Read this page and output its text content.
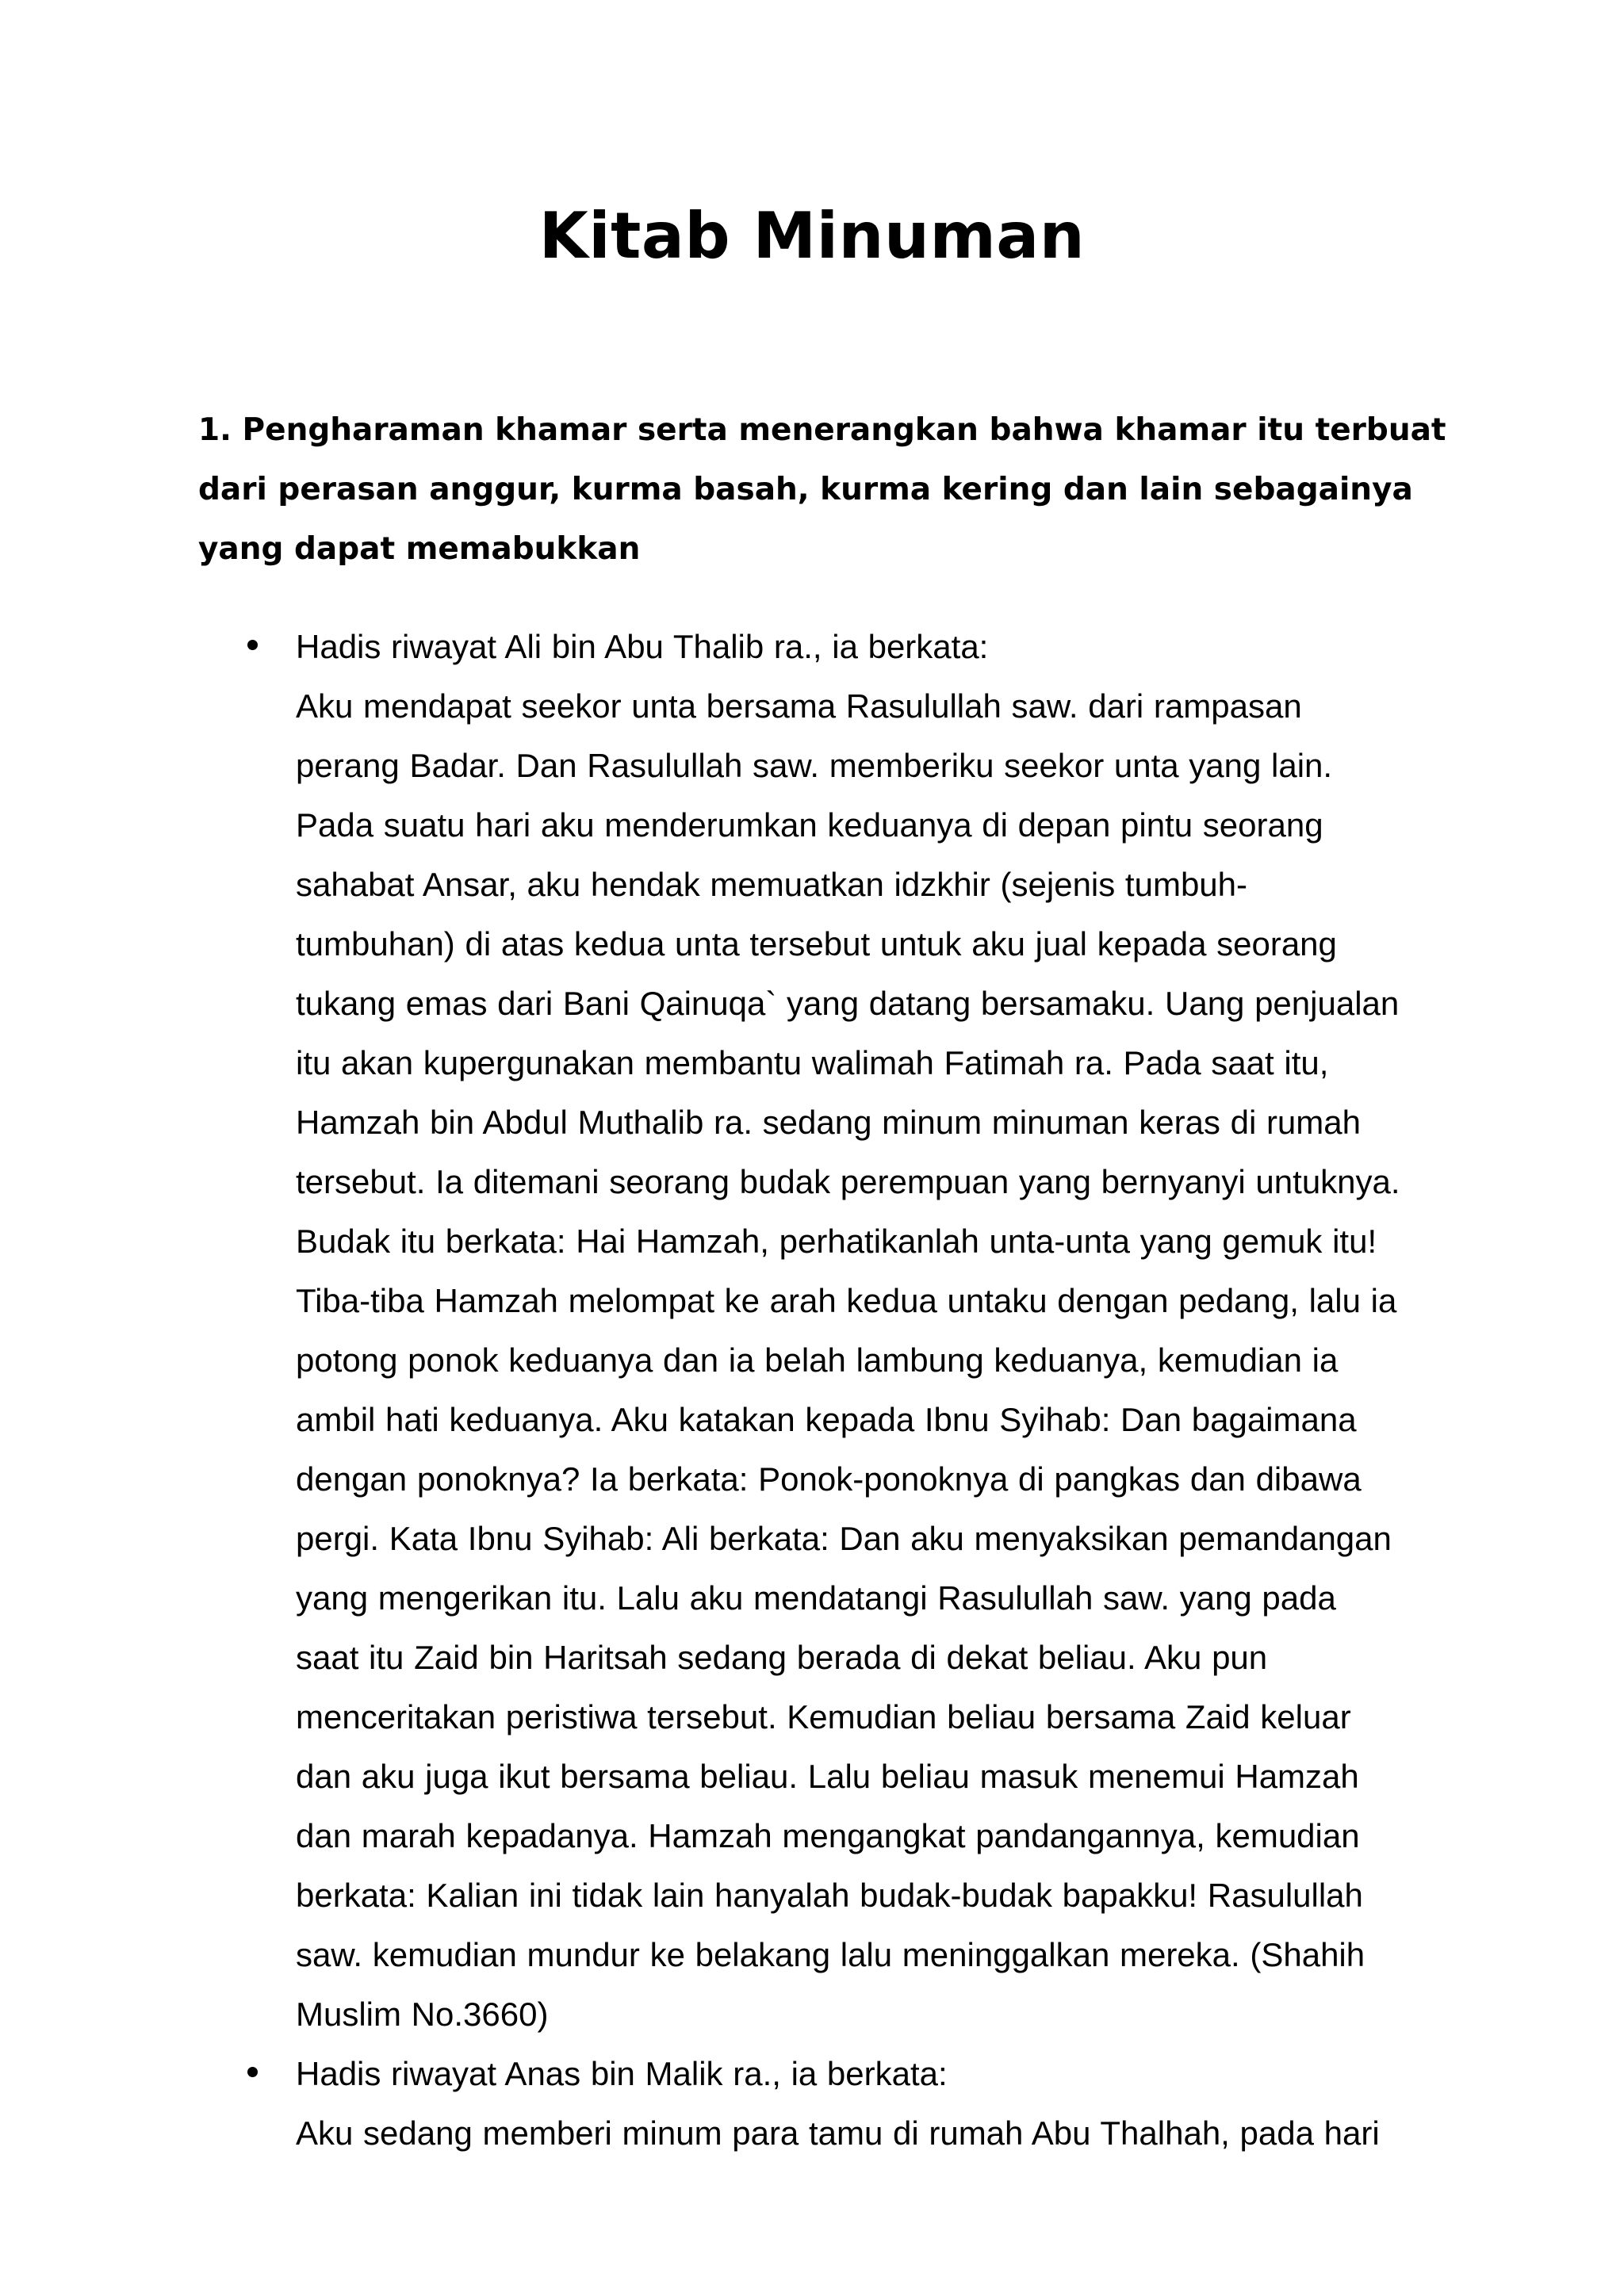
Kitab Minuman
1. Pengharaman khamar serta menerangkan bahwa khamar itu terbuat dari perasan anggur, kurma basah, kurma kering dan lain sebagainya yang dapat memabukkan
Hadis riwayat Ali bin Abu Thalib ra., ia berkata:
Aku mendapat seekor unta bersama Rasulullah saw. dari rampasan perang Badar. Dan Rasulullah saw. memberiku seekor unta yang lain. Pada suatu hari aku menderumkan keduanya di depan pintu seorang sahabat Ansar, aku hendak memuatkan idzkhir (sejenis tumbuh-tumbuhan) di atas kedua unta tersebut untuk aku jual kepada seorang tukang emas dari Bani Qainuqa` yang datang bersamaku. Uang penjualan itu akan kupergunakan membantu walimah Fatimah ra. Pada saat itu, Hamzah bin Abdul Muthalib ra. sedang minum minuman keras di rumah tersebut. Ia ditemani seorang budak perempuan yang bernyanyi untuknya. Budak itu berkata: Hai Hamzah, perhatikanlah unta-unta yang gemuk itu! Tiba-tiba Hamzah melompat ke arah kedua untaku dengan pedang, lalu ia potong ponok keduanya dan ia belah lambung keduanya, kemudian ia ambil hati keduanya. Aku katakan kepada Ibnu Syihab: Dan bagaimana dengan ponoknya? Ia berkata: Ponok-ponoknya di pangkas dan dibawa pergi. Kata Ibnu Syihab: Ali berkata: Dan aku menyaksikan pemandangan yang mengerikan itu. Lalu aku mendatangi Rasulullah saw. yang pada saat itu Zaid bin Haritsah sedang berada di dekat beliau. Aku pun menceritakan peristiwa tersebut. Kemudian beliau bersama Zaid keluar dan aku juga ikut bersama beliau. Lalu beliau masuk menemui Hamzah dan marah kepadanya. Hamzah mengangkat pandangannya, kemudian berkata: Kalian ini tidak lain hanyalah budak-budak bapakku! Rasulullah saw. kemudian mundur ke belakang lalu meninggalkan mereka. (Shahih Muslim No.3660)
Hadis riwayat Anas bin Malik ra., ia berkata:
Aku sedang memberi minum para tamu di rumah Abu Thalhah, pada hari
